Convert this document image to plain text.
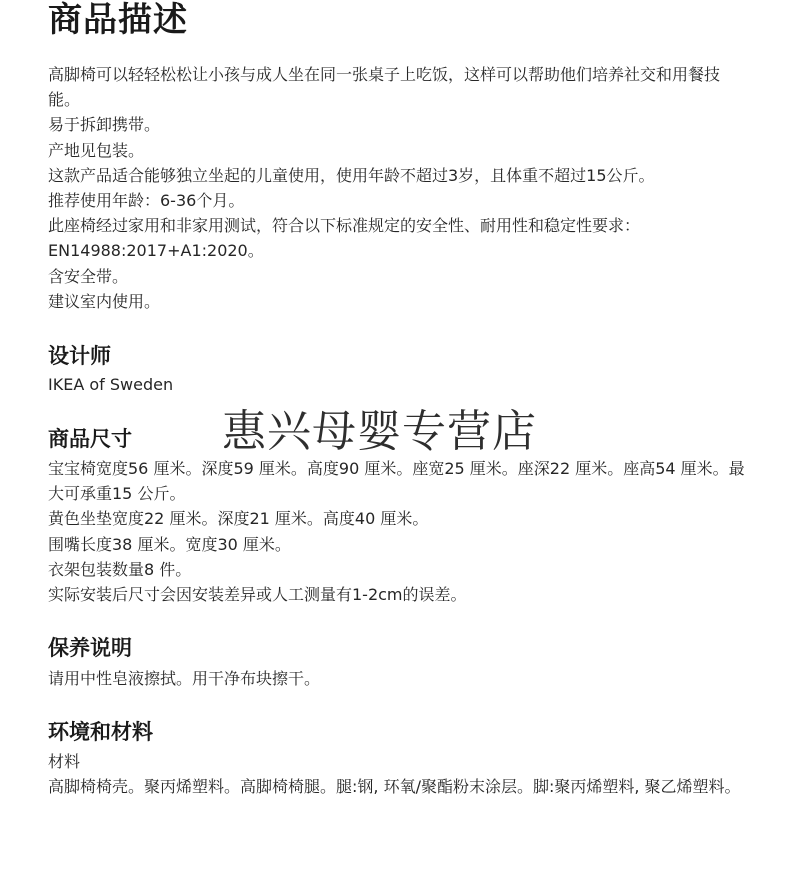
商品描述

高脚椅可以轻轻松松让小孩与成人坐在同一张桌子上吃饭，这样可以帮助他们培养社交和用餐技能。

易于拆卸携带。

产地见包装。

这款产品适合能够独立坐起的儿童使用，使用年龄不超过3岁，且体重不超过15公斤。

推荐使用年龄：6-36个月。

此座椅经过家用和非家用测试，符合以下标准规定的安全性、耐用性和稳定性要求：EN14988:2017+A1:2020。

含安全带。

建议室内使用。

设计师

IKEA of Sweden

惠兴母婴专营店
商品尺寸

宝宝椅宽度56 厘米。深度59 厘米。高度90 厘米。座宽25 厘米。座深22 厘米。座高54 厘米。最大可承重15 公斤。

黄色坐垫宽度22 厘米。深度21 厘米。高度40 厘米。

围嘴长度38 厘米。宽度30 厘米。

衣架包装数量8 件。

实际安装后尺寸会因安装差异或人工测量有1-2cm的误差。

保养说明

请用中性皂液擦拭。用干净布块擦干。

环境和材料

材料

高脚椅椅壳。聚丙烯塑料。高脚椅椅腿。腿:钢, 环氧/聚酯粉末涂层。脚:聚丙烯塑料, 聚乙烯塑料。
